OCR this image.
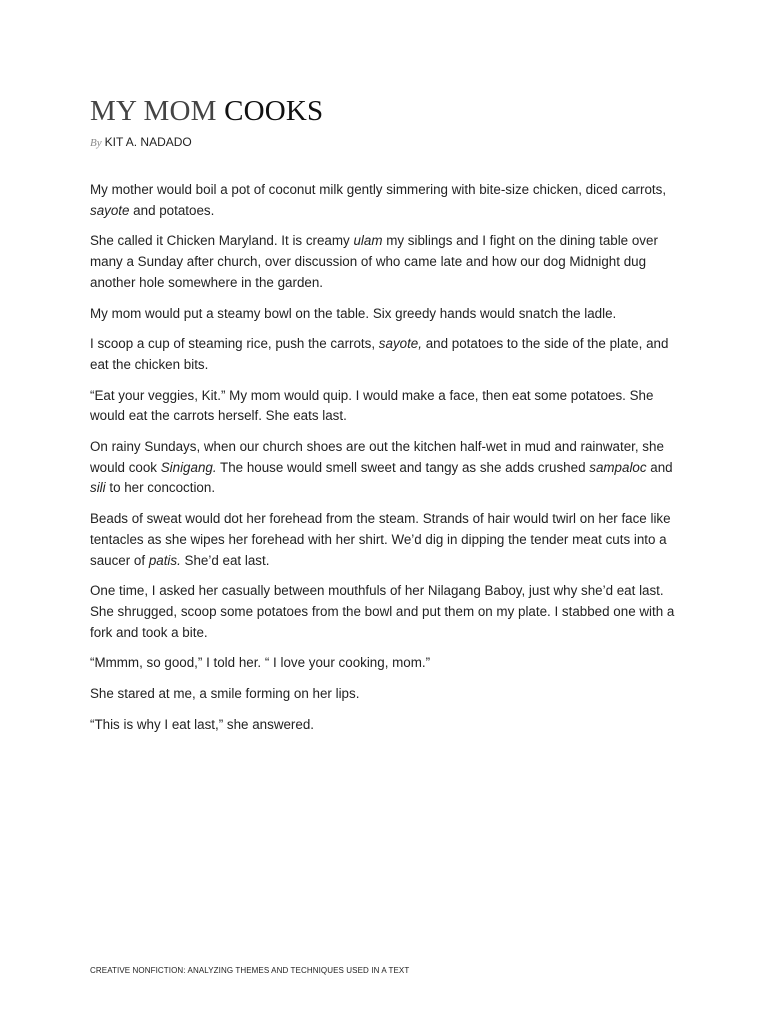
MY MOM COOKS
By KIT A. NADADO

My mother would boil a pot of coconut milk gently simmering with bite-size chicken, diced carrots, sayote and potatoes.

She called it Chicken Maryland. It is creamy ulam my siblings and I fight on the dining table over many a Sunday after church, over discussion of who came late and how our dog Midnight dug another hole somewhere in the garden.

My mom would put a steamy bowl on the table. Six greedy hands would snatch the ladle.

I scoop a cup of steaming rice, push the carrots, sayote, and potatoes to the side of the plate, and eat the chicken bits.

“Eat your veggies, Kit.” My mom would quip. I would make a face, then eat some potatoes. She would eat the carrots herself. She eats last.

On rainy Sundays, when our church shoes are out the kitchen half-wet in mud and rainwater, she would cook Sinigang. The house would smell sweet and tangy as she adds crushed sampaloc and sili to her concoction.

Beads of sweat would dot her forehead from the steam. Strands of hair would twirl on her face like tentacles as she wipes her forehead with her shirt. We’d dig in dipping the tender meat cuts into a saucer of patis. She’d eat last.

One time, I asked her casually between mouthfuls of her Nilagang Baboy, just why she’d eat last. She shrugged, scoop some potatoes from the bowl and put them on my plate. I stabbed one with a fork and took a bite.

“Mmmm, so good,” I told her. “ I love your cooking, mom.”

She stared at me, a smile forming on her lips.

“This is why I eat last,” she answered.

CREATIVE NONFICTION: ANALYZING THEMES AND TECHNIQUES USED IN A TEXT
